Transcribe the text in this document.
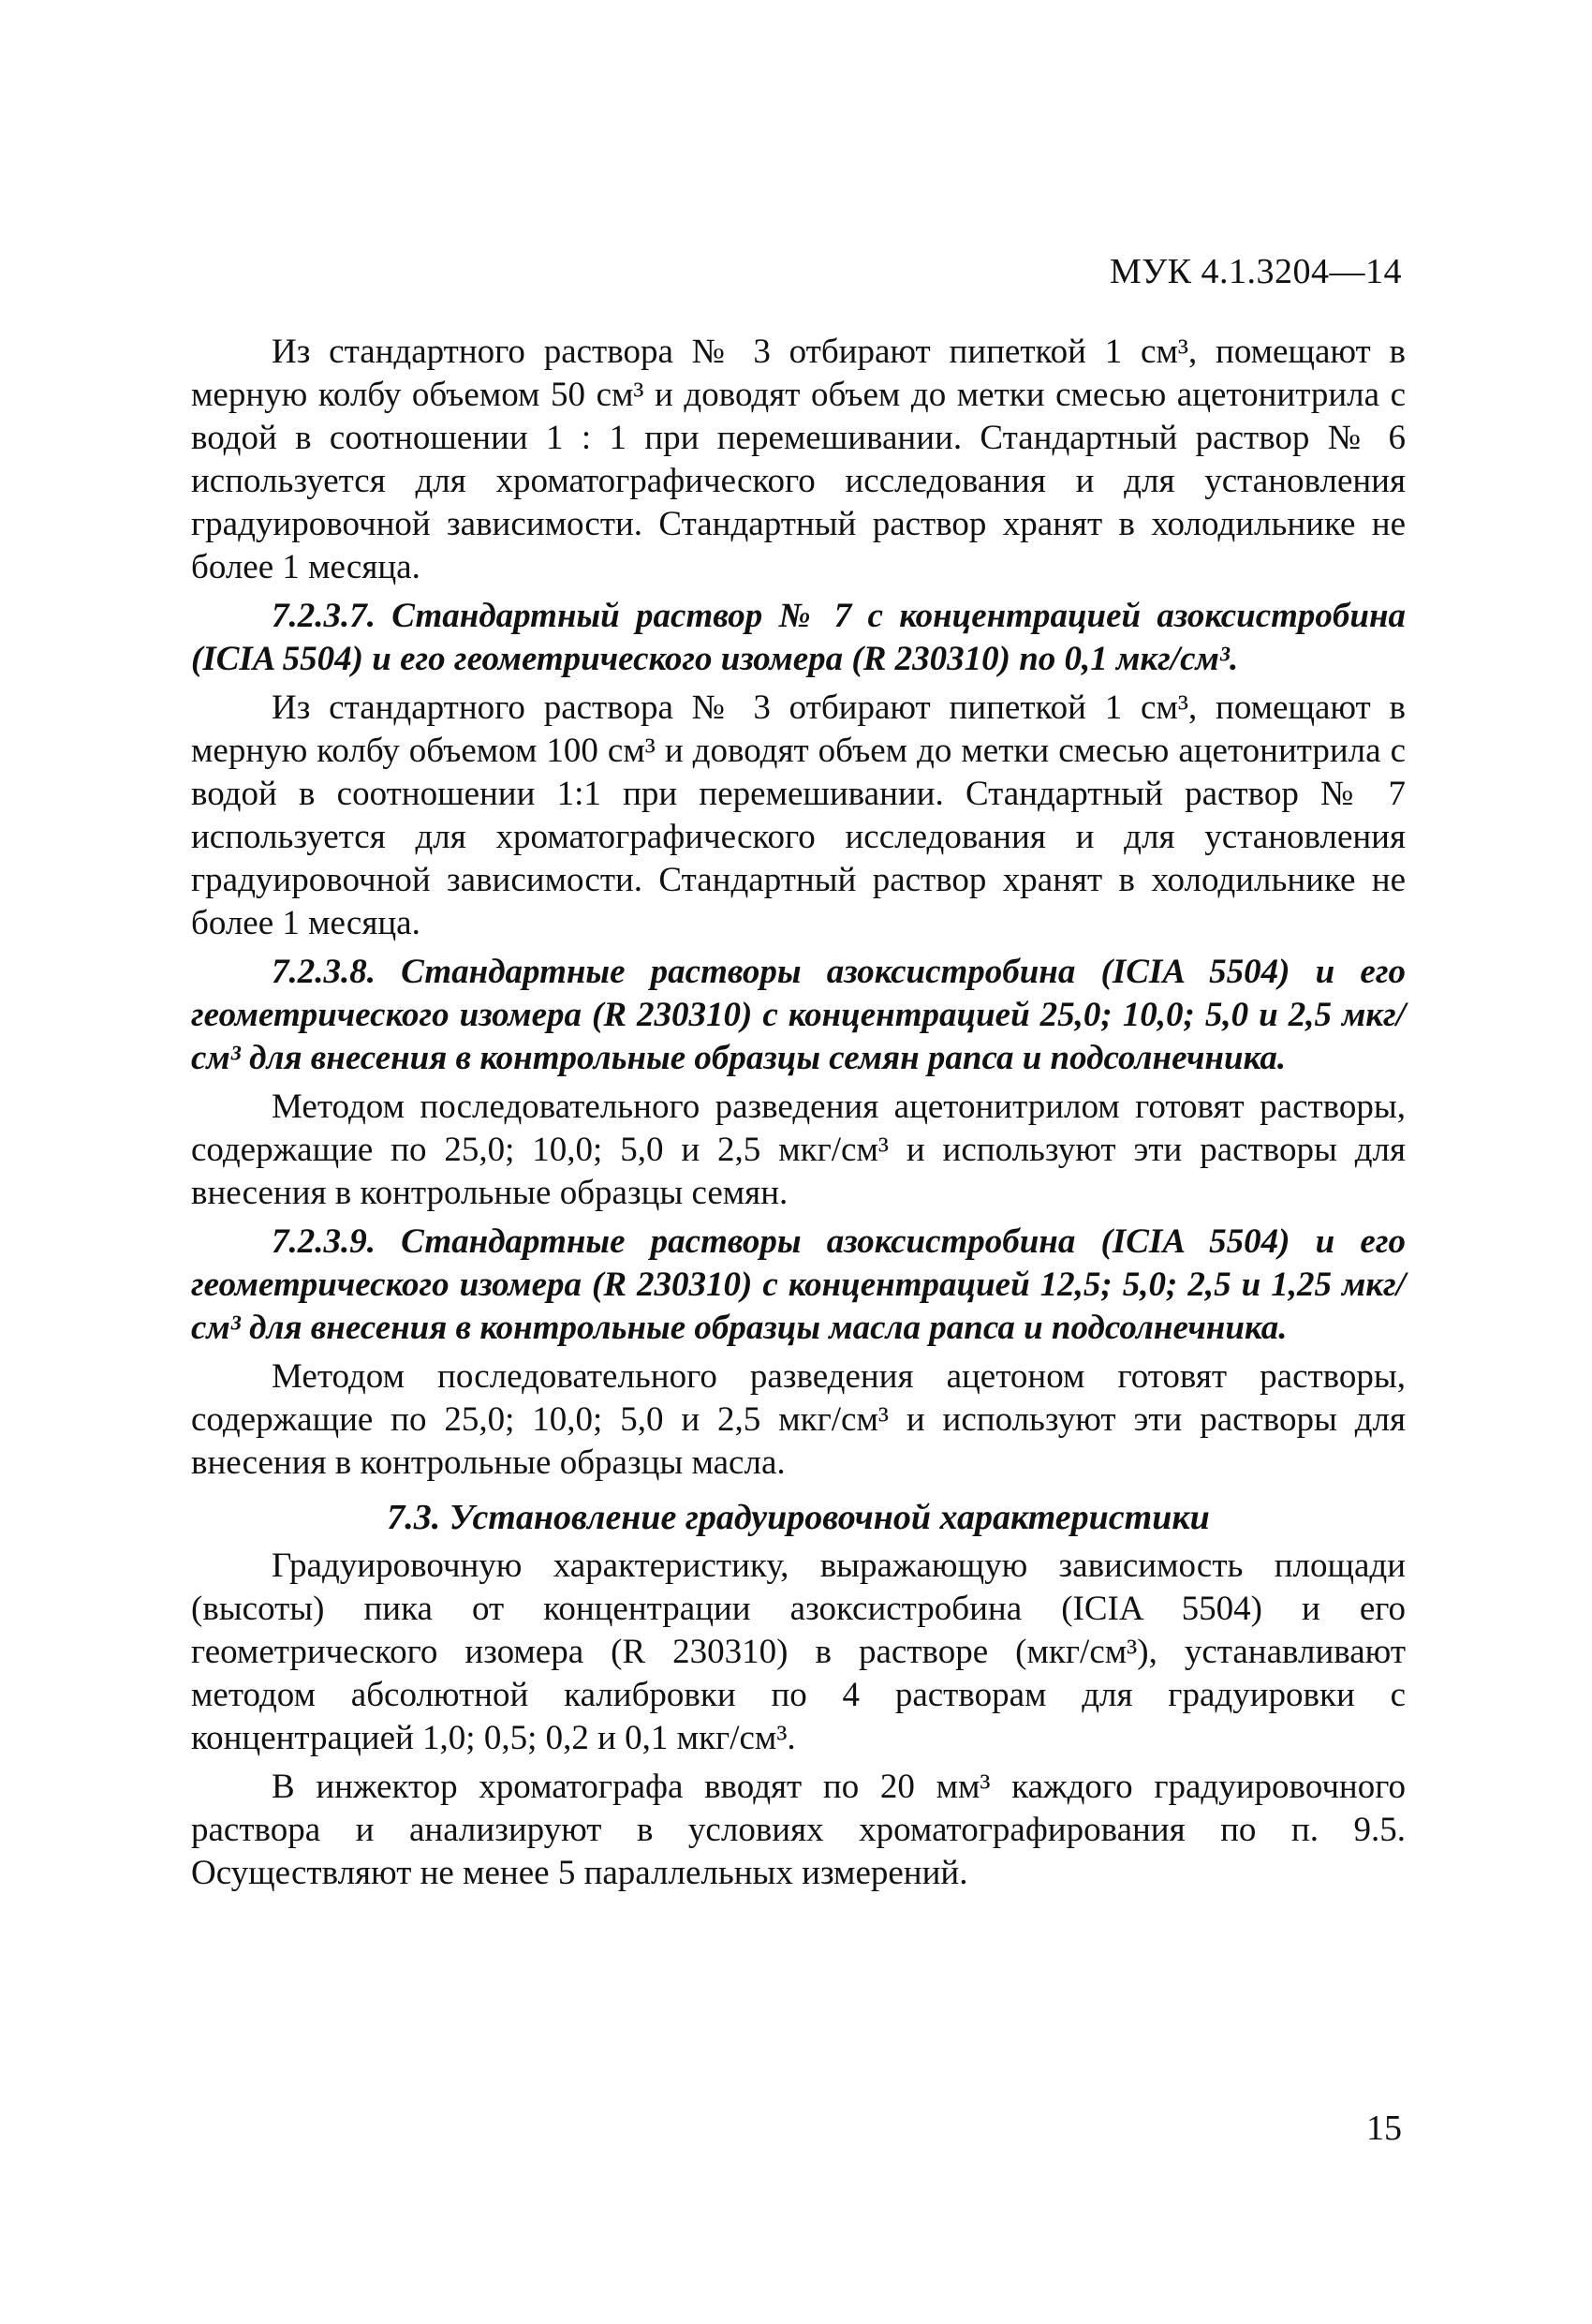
МУК 4.1.3204—14

Из стандартного раствора № 3 отбирают пипеткой 1 см³, помещают в мерную колбу объемом 50 см³ и доводят объем до метки смесью ацетонитрила с водой в соотношении 1 : 1 при перемешивании. Стандартный раствор № 6 используется для хроматографического исследования и для установления градуировочной зависимости. Стандартный раствор хранят в холодильнике не более 1 месяца.

7.2.3.7. Стандартный раствор № 7 с концентрацией азоксистробина (ICIA 5504) и его геометрического изомера (R 230310) по 0,1 мкг/см³.

Из стандартного раствора № 3 отбирают пипеткой 1 см³, помещают в мерную колбу объемом 100 см³ и доводят объем до метки смесью ацетонитрила с водой в соотношении 1:1 при перемешивании. Стандартный раствор № 7 используется для хроматографического исследования и для установления градуировочной зависимости. Стандартный раствор хранят в холодильнике не более 1 месяца.

7.2.3.8. Стандартные растворы азоксистробина (ICIA 5504) и его геометрического изомера (R 230310) с концентрацией 25,0; 10,0; 5,0 и 2,5 мкг/см³ для внесения в контрольные образцы семян рапса и подсолнечника.

Методом последовательного разведения ацетонитрилом готовят растворы, содержащие по 25,0; 10,0; 5,0 и 2,5 мкг/см³ и используют эти растворы для внесения в контрольные образцы семян.

7.2.3.9. Стандартные растворы азоксистробина (ICIA 5504) и его геометрического изомера (R 230310) с концентрацией 12,5; 5,0; 2,5 и 1,25 мкг/см³ для внесения в контрольные образцы масла рапса и подсолнечника.

Методом последовательного разведения ацетоном готовят растворы, содержащие по 25,0; 10,0; 5,0 и 2,5 мкг/см³ и используют эти растворы для внесения в контрольные образцы масла.

7.3. Установление градуировочной характеристики

Градуировочную характеристику, выражающую зависимость площади (высоты) пика от концентрации азоксистробина (ICIA 5504) и его геометрического изомера (R 230310) в растворе (мкг/см³), устанавливают методом абсолютной калибровки по 4 растворам для градуировки с концентрацией 1,0; 0,5; 0,2 и 0,1 мкг/см³.

В инжектор хроматографа вводят по 20 мм³ каждого градуировочного раствора и анализируют в условиях хроматографирования по п. 9.5. Осуществляют не менее 5 параллельных измерений.

15
